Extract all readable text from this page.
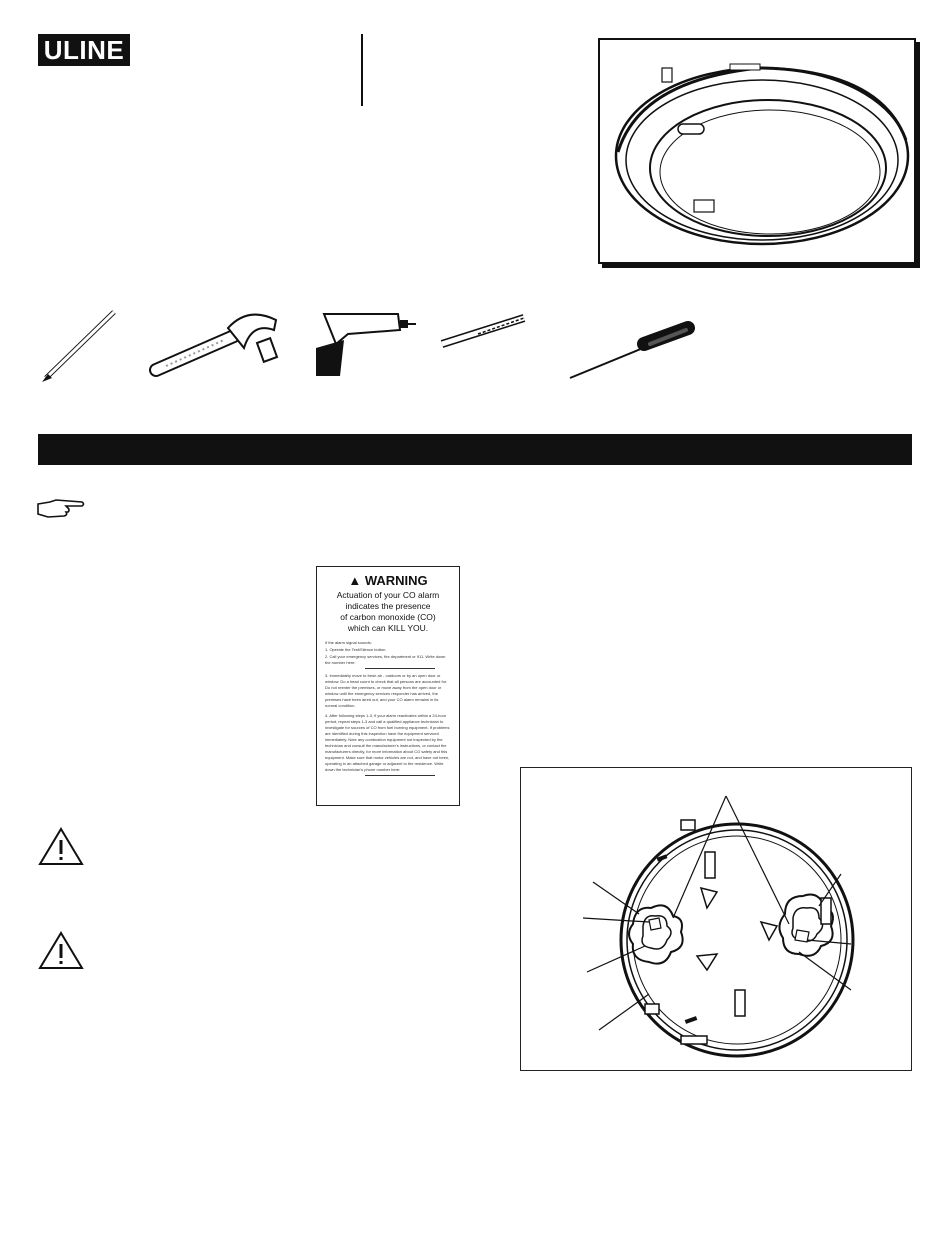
ULINE
▲ WARNING
Actuation of your CO alarm
indicates the presence
of carbon monoxide (CO)
which can KILL YOU.

If the alarm signal sounds:

1. Operate the Test/Silence button.

2. Call your emergency services, fire department or 911. Write down the number here:

3. Immediately move to fresh air - outdoors or by an open door or window. Do a head count to check that all persons are accounted for. Do not reenter the premises, or move away from the open door or window until the emergency services responder has arrived, the premises have been aired out, and your CO alarm remains in its normal condition.

4. After following steps 1-3, if your alarm reactivates within a 24-hour period, repeat steps 1-3 and call a qualified appliance technician to investigate for sources of CO from fuel burning equipment. If problems are identified during this inspection have the equipment serviced immediately. Note any combustion equipment not inspected by the technician and consult the manufacturer's instructions, or contact the manufacturers directly, for more information about CO safety and this equipment. Make sure that motor vehicles are not, and have not been, operating in an attached garage or adjacent to the residence. Write down the technician's phone number here:
